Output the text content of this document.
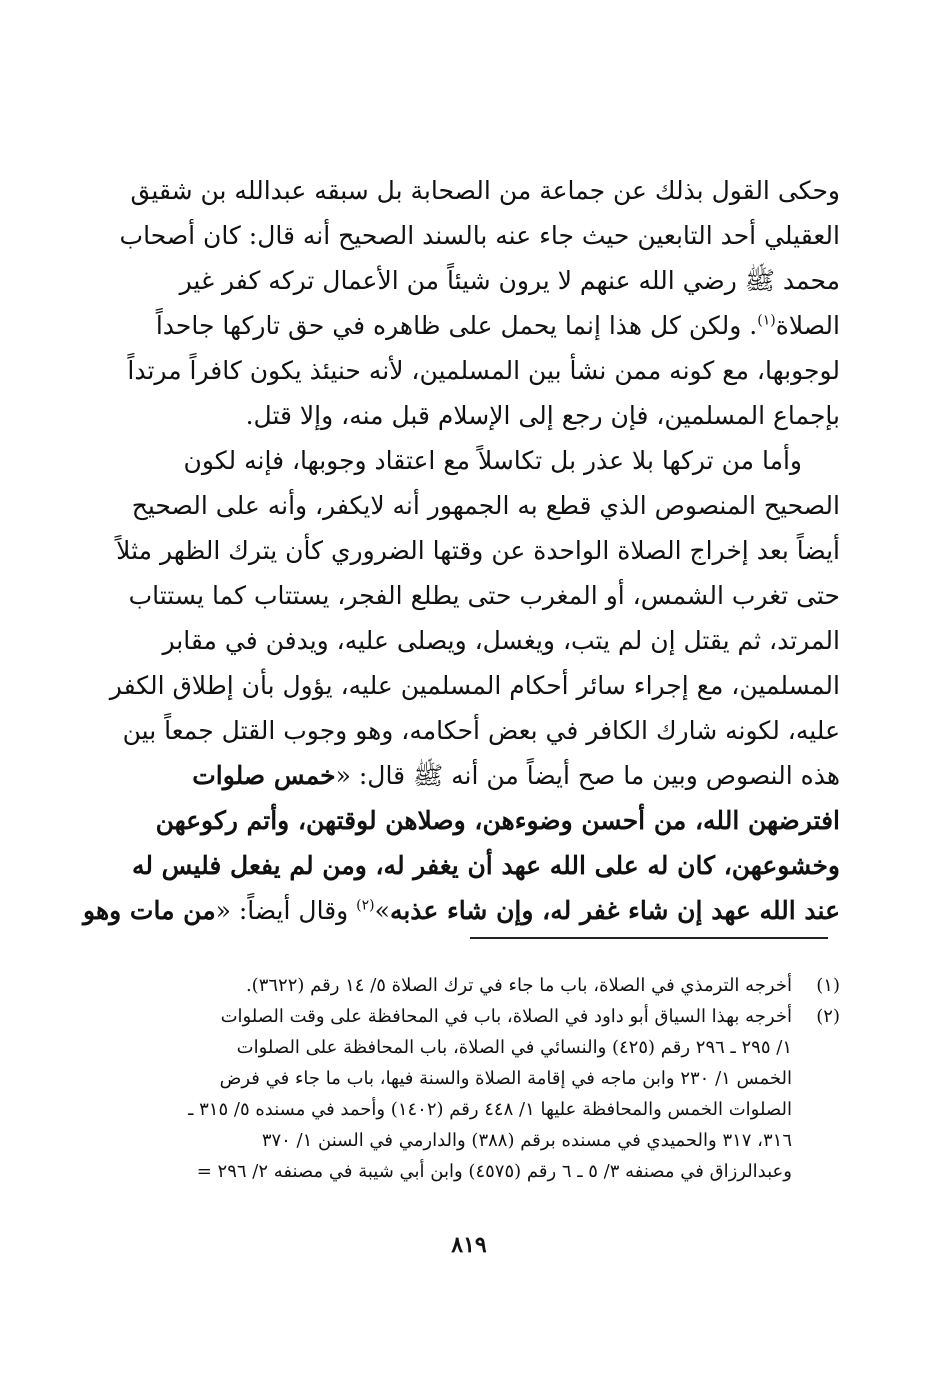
وحكى القول بذلك عن جماعة من الصحابة بل سبقه عبدالله بن شقيق
العقيلي أحد التابعين حيث جاء عنه بالسند الصحيح أنه قال: كان أصحاب
محمد ﷺ رضي الله عنهم لا يرون شيئاً من الأعمال تركه كفر غير
الصلاة$^{(١)}$. ولكن كل هذا إنما يحمل على ظاهره في حق تاركها جاحداً
لوجوبها، مع كونه ممن نشأ بين المسلمين، لأنه حنيئذ يكون كافراً مرتداً
بإجماع المسلمين، فإن رجع إلى الإسلام قبل منه، وإلا قتل.
وأما من تركها بلا عذر بل تكاسلاً مع اعتقاد وجوبها، فإنه لكون
الصحيح المنصوص الذي قطع به الجمهور أنه لايكفر، وأنه على الصحيح
أيضاً بعد إخراج الصلاة الواحدة عن وقتها الضروري كأن يترك الظهر مثلاً
حتى تغرب الشمس، أو المغرب حتى يطلع الفجر، يستتاب كما يستتاب
المرتد، ثم يقتل إن لم يتب، ويغسل، ويصلى عليه، ويدفن في مقابر
المسلمين، مع إجراء سائر أحكام المسلمين عليه، يؤول بأن إطلاق الكفر
عليه، لكونه شارك الكافر في بعض أحكامه، وهو وجوب القتل جمعاً بين
هذه النصوص وبين ما صح أيضاً من أنه ﷺ قال: «خمس صلوات
افترضهن الله، من أحسن وضوءهن، وصلاهن لوقتهن، وأتم ركوعهن
وخشوعهن، كان له على الله عهد أن يغفر له، ومن لم يفعل فليس له
عند الله عهد إن شاء غفر له، وإن شاء عذبه»$^{(٢)}$ وقال أيضاً: «من مات وهو
(١)
أخرجه الترمذي في الصلاة، باب ما جاء في ترك الصلاة ٥/ ١٤ رقم (٣٦٢٢).
(٢)
أخرجه بهذا السياق أبو داود في الصلاة، باب في المحافظة على وقت الصلوات
١/ ٢٩٥ ـ ٢٩٦ رقم (٤٢٥) والنسائي في الصلاة، باب المحافظة على الصلوات
الخمس ١/ ٢٣٠ وابن ماجه في إقامة الصلاة والسنة فيها، باب ما جاء في فرض
الصلوات الخمس والمحافظة عليها ١/ ٤٤٨ رقم (١٤٠٢) وأحمد في مسنده ٥/ ٣١٥ ـ
٣١٦، ٣١٧ والحميدي في مسنده برقم (٣٨٨) والدارمي في السنن ١/ ٣٧٠
وعبدالرزاق في مصنفه ٣/ ٥ ـ ٦ رقم (٤٥٧٥) وابن أبي شيبة في مصنفه ٢/ ٢٩٦ =
٨١٩
